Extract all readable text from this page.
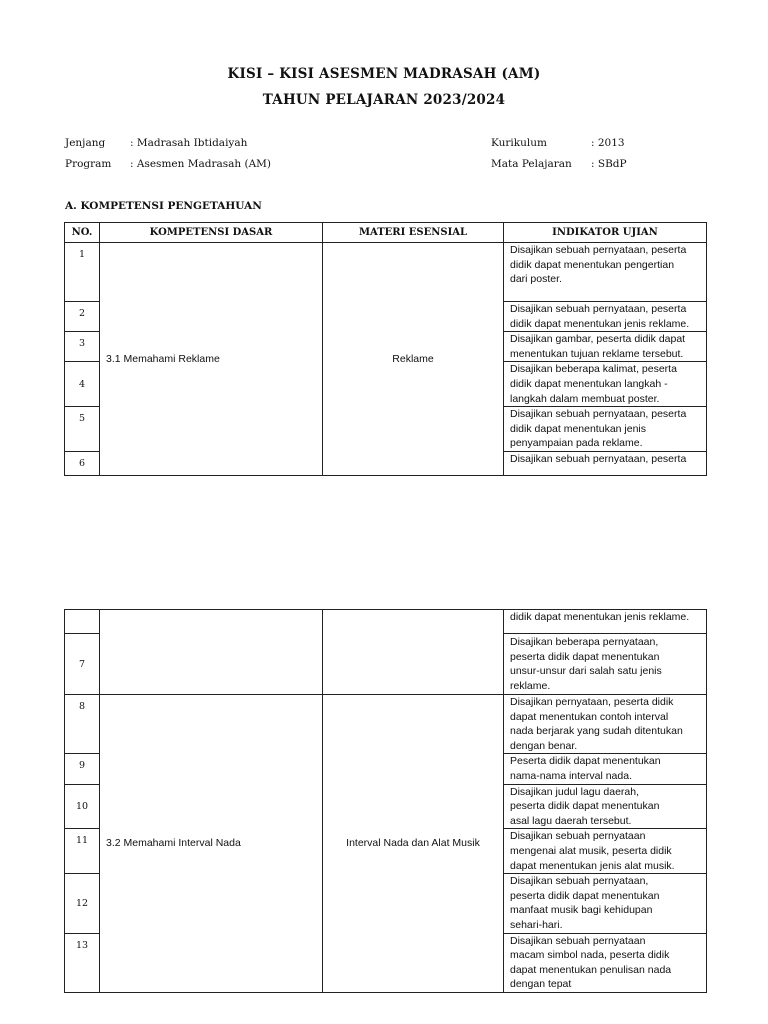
KISI – KISI ASESMEN MADRASAH (AM)
TAHUN PELAJARAN 2023/2024
Jenjang : Madrasah Ibtidaiyah
Program : Asesmen Madrasah (AM)
Kurikulum	: 2013
Mata Pelajaran : SBdP
A. KOMPETENSI PENGETAHUAN
NO.	KOMPETENSI DASAR	MATERI ESENSIAL	INDIKATOR UJIAN
1	3.1 Memahami Reklame	Reklame	Disajikan sebuah pernyataan, peserta
didik dapat menentukan pengertian
dari poster.
2			Disajikan sebuah pernyataan, peserta
didik dapat menentukan jenis reklame.
3			Disajikan gambar, peserta didik dapat
menentukan tujuan reklame tersebut.
4			Disajikan beberapa kalimat, peserta
didik dapat menentukan langkah -
langkah dalam membuat poster.
5			Disajikan sebuah pernyataan, peserta
didik dapat menentukan jenis
penyampaian pada reklame.
6			Disajikan sebuah pernyataan, peserta
			didik dapat menentukan jenis reklame.
7			Disajikan beberapa pernyataan,
peserta didik dapat menentukan
unsur-unsur dari salah satu jenis
reklame.
8	3.2 Memahami Interval Nada	Interval Nada dan Alat Musik	Disajikan pernyataan, peserta didik
dapat menentukan contoh interval
nada berjarak yang sudah ditentukan
dengan benar.
9			Peserta didik dapat menentukan
nama-nama interval nada.
10			Disajikan judul lagu daerah,
peserta didik dapat menentukan
asal lagu daerah tersebut.
11			Disajikan sebuah pernyataan
mengenai alat musik, peserta didik
dapat menentukan jenis alat musik.
12			Disajikan sebuah pernyataan,
peserta didik dapat menentukan
manfaat musik bagi kehidupan
sehari-hari.
13			Disajikan sebuah pernyataan
macam simbol nada, peserta didik
dapat menentukan penulisan nada
dengan tepat
